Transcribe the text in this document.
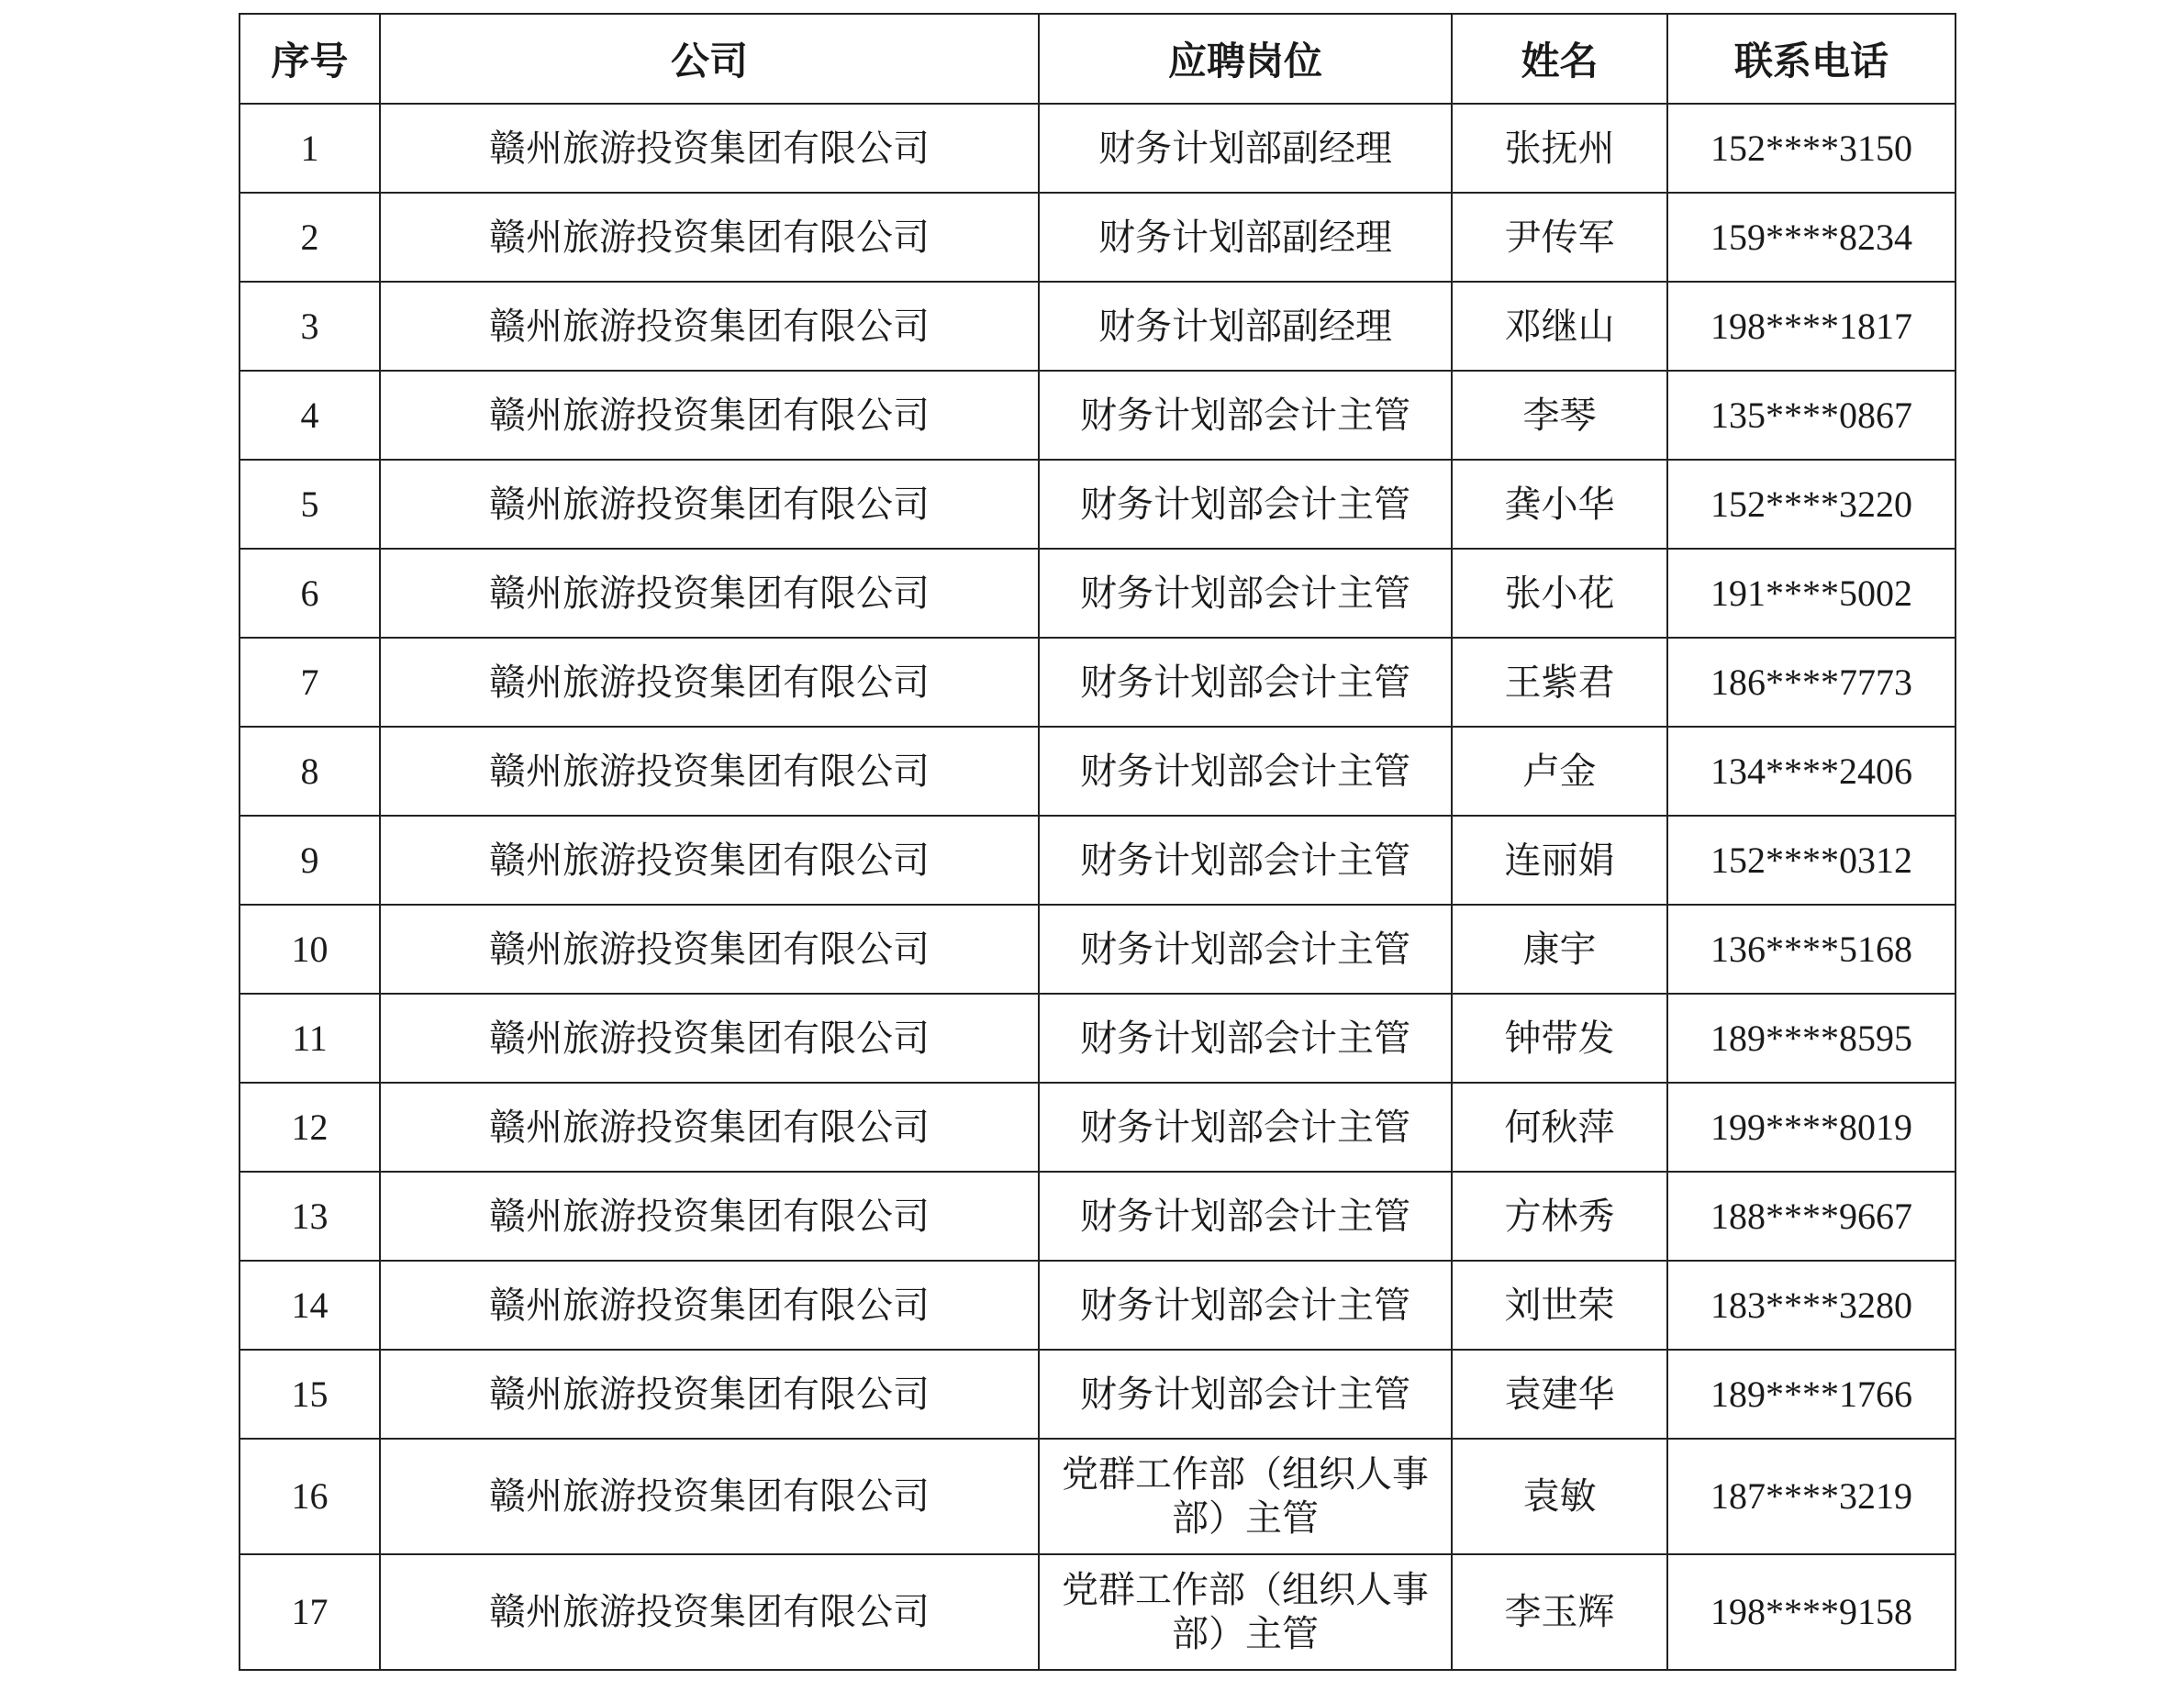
序号	公司	应聘岗位	姓名	联系电话
1	赣州旅游投资集团有限公司	财务计划部副经理	张抚州	152****3150
2	赣州旅游投资集团有限公司	财务计划部副经理	尹传军	159****8234
3	赣州旅游投资集团有限公司	财务计划部副经理	邓继山	198****1817
4	赣州旅游投资集团有限公司	财务计划部会计主管	李琴	135****0867
5	赣州旅游投资集团有限公司	财务计划部会计主管	龚小华	152****3220
6	赣州旅游投资集团有限公司	财务计划部会计主管	张小花	191****5002
7	赣州旅游投资集团有限公司	财务计划部会计主管	王紫君	186****7773
8	赣州旅游投资集团有限公司	财务计划部会计主管	卢金	134****2406
9	赣州旅游投资集团有限公司	财务计划部会计主管	连丽娟	152****0312
10	赣州旅游投资集团有限公司	财务计划部会计主管	康宇	136****5168
11	赣州旅游投资集团有限公司	财务计划部会计主管	钟带发	189****8595
12	赣州旅游投资集团有限公司	财务计划部会计主管	何秋萍	199****8019
13	赣州旅游投资集团有限公司	财务计划部会计主管	方林秀	188****9667
14	赣州旅游投资集团有限公司	财务计划部会计主管	刘世荣	183****3280
15	赣州旅游投资集团有限公司	财务计划部会计主管	袁建华	189****1766
16	赣州旅游投资集团有限公司	党群工作部（组织人事部）主管	袁敏	187****3219
17	赣州旅游投资集团有限公司	党群工作部（组织人事部）主管	李玉辉	198****9158
